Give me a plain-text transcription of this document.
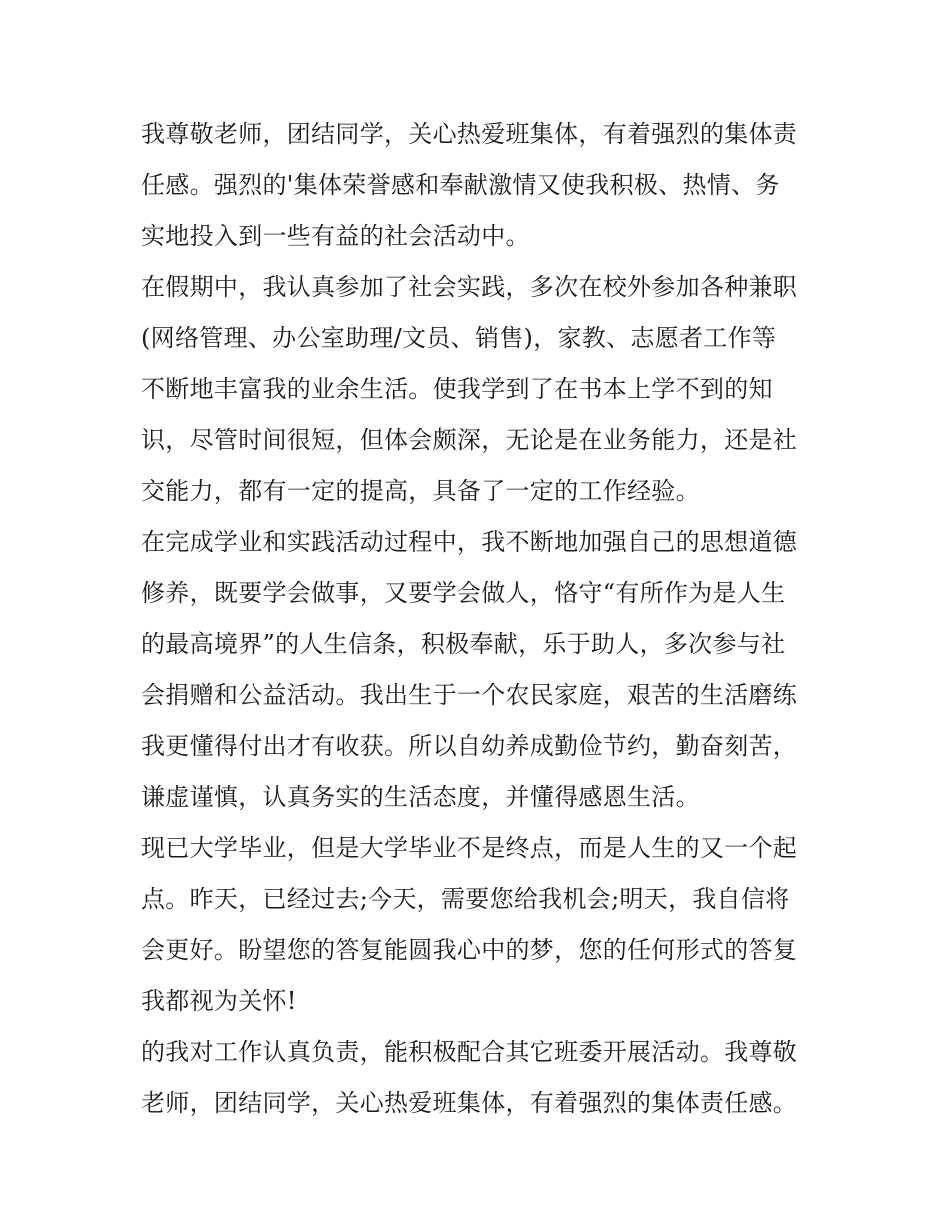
我尊敬老师，团结同学，关心热爱班集体，有着强烈的集体责
任感。强烈的'集体荣誉感和奉献激情又使我积极、热情、务
实地投入到一些有益的社会活动中。
在假期中，我认真参加了社会实践，多次在校外参加各种兼职
(网络管理、办公室助理/文员、销售)，家教、志愿者工作等
不断地丰富我的业余生活。使我学到了在书本上学不到的知
识，尽管时间很短，但体会颇深，无论是在业务能力，还是社
交能力，都有一定的提高，具备了一定的工作经验。
在完成学业和实践活动过程中，我不断地加强自己的思想道德
修养，既要学会做事，又要学会做人，恪守“有所作为是人生
的最高境界”的人生信条，积极奉献，乐于助人，多次参与社
会捐赠和公益活动。我出生于一个农民家庭，艰苦的生活磨练
我更懂得付出才有收获。所以自幼养成勤俭节约，勤奋刻苦，
谦虚谨慎，认真务实的生活态度，并懂得感恩生活。
现已大学毕业，但是大学毕业不是终点，而是人生的又一个起
点。昨天，已经过去;今天，需要您给我机会;明天，我自信将
会更好。盼望您的答复能圆我心中的梦，您的任何形式的答复
我都视为关怀!
的我对工作认真负责，能积极配合其它班委开展活动。我尊敬
老师，团结同学，关心热爱班集体，有着强烈的集体责任感。
